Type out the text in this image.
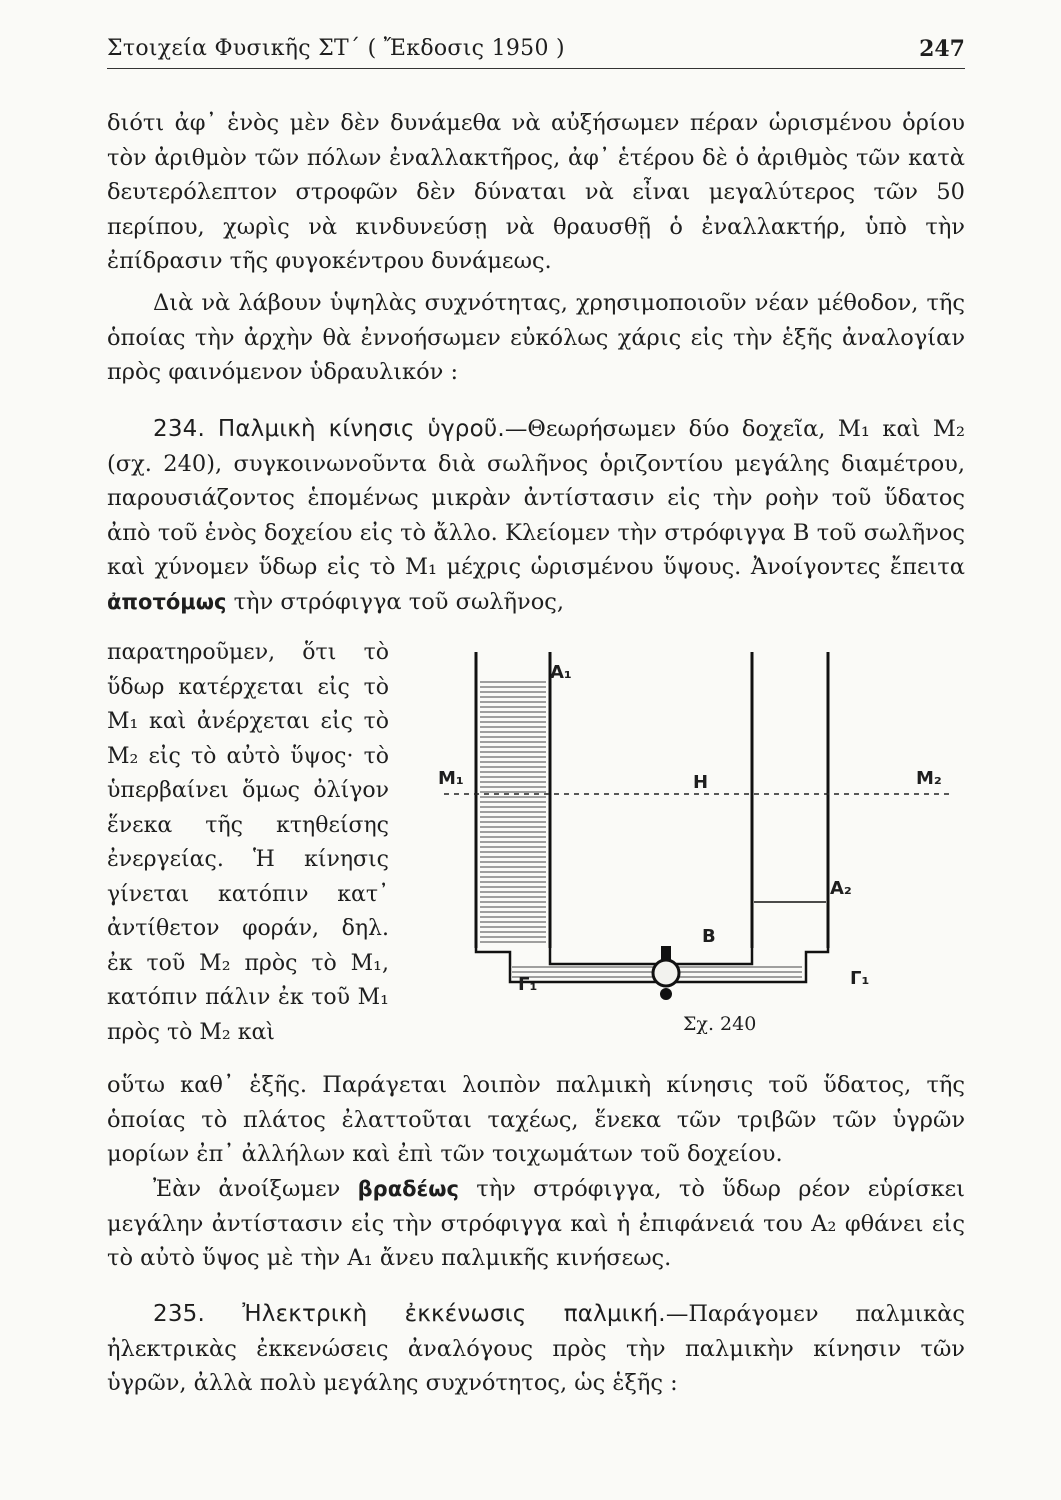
Στοιχεία Φυσικῆς ΣΤ΄ ( Ἔκδοσις 1950 )	247

διότι ἀφ᾿ ἑνὸς μὲν δὲν δυνάμεθα νὰ αὐξήσωμεν πέραν ὡρισμένου ὁρίου τὸν ἀριθμὸν τῶν πόλων ἐναλλακτῆρος, ἀφ᾿ ἑτέρου δὲ ὁ ἀριθμὸς τῶν κατὰ δευτερόλεπτον στροφῶν δὲν δύναται νὰ εἶναι μεγαλύτερος τῶν 50 περίπου, χωρὶς νὰ κινδυνεύσῃ νὰ θραυσθῇ ὁ ἐναλλακτήρ, ὑπὸ τὴν ἐπίδρασιν τῆς φυγοκέντρου δυνάμεως.

Διὰ νὰ λάβουν ὑψηλὰς συχνότητας, χρησιμοποιοῦν νέαν μέθοδον, τῆς ὁποίας τὴν ἀρχὴν θὰ ἐννοήσωμεν εὐκόλως χάρις εἰς τὴν ἑξῆς ἀναλογίαν πρὸς φαινόμενον ὑδραυλικόν :

234. Παλμικὴ κίνησις ὑγροῦ.—Θεωρήσωμεν δύο δοχεῖα, Μ₁ καὶ Μ₂ (σχ. 240), συγκοινωνοῦντα διὰ σωλῆνος ὁριζοντίου μεγάλης διαμέτρου, παρουσιάζοντος ἑπομένως μικρὰν ἀντίστασιν εἰς τὴν ροὴν τοῦ ὕδατος ἀπὸ τοῦ ἑνὸς δοχείου εἰς τὸ ἄλλο. Κλείομεν τὴν στρόφιγγα Β τοῦ σωλῆνος καὶ χύνομεν ὕδωρ εἰς τὸ Μ₁ μέχρις ὡρισμένου ὕψους. Ἀνοίγοντες ἔπειτα ἀποτόμως τὴν στρόφιγγα τοῦ σωλῆνος,

παρατηροῦμεν, ὅτι τὸ ὕδωρ κατέρχεται εἰς τὸ Μ₁ καὶ ἀνέρχεται εἰς τὸ Μ₂ εἰς τὸ αὐτὸ ὕψος· τὸ ὑπερβαίνει ὅμως ὀλίγον ἕνεκα τῆς κτηθείσης ἐνεργείας. Ἡ κίνησις γίνεται κατόπιν κατ᾿ ἀντίθετον φοράν, δηλ. ἐκ τοῦ Μ₂ πρὸς τὸ Μ₁, κατόπιν πάλιν ἐκ τοῦ Μ₁ πρὸς τὸ Μ₂ καὶ

A₁
M₁	H	M₂
A₂
B
Γ₁	Γ₁
Σχ. 240

οὕτω καθ᾿ ἑξῆς. Παράγεται λοιπὸν παλμικὴ κίνησις τοῦ ὕδατος, τῆς ὁποίας τὸ πλάτος ἐλαττοῦται ταχέως, ἕνεκα τῶν τριβῶν τῶν ὑγρῶν μορίων ἐπ᾿ ἀλλήλων καὶ ἐπὶ τῶν τοιχωμάτων τοῦ δοχείου.

Ἐὰν ἀνοίξωμεν βραδέως τὴν στρόφιγγα, τὸ ὕδωρ ρέον εὑρίσκει μεγάλην ἀντίστασιν εἰς τὴν στρόφιγγα καὶ ἡ ἐπιφάνειά του Α₂ φθάνει εἰς τὸ αὐτὸ ὕψος μὲ τὴν Α₁ ἄνευ παλμικῆς κινήσεως.

235. Ἠλεκτρικὴ ἐκκένωσις παλμική.—Παράγομεν παλμικὰς ἠλεκτρικὰς ἐκκενώσεις ἀναλόγους πρὸς τὴν παλμικὴν κίνησιν τῶν ὑγρῶν, ἀλλὰ πολὺ μεγάλης συχνότητος, ὡς ἑξῆς :
